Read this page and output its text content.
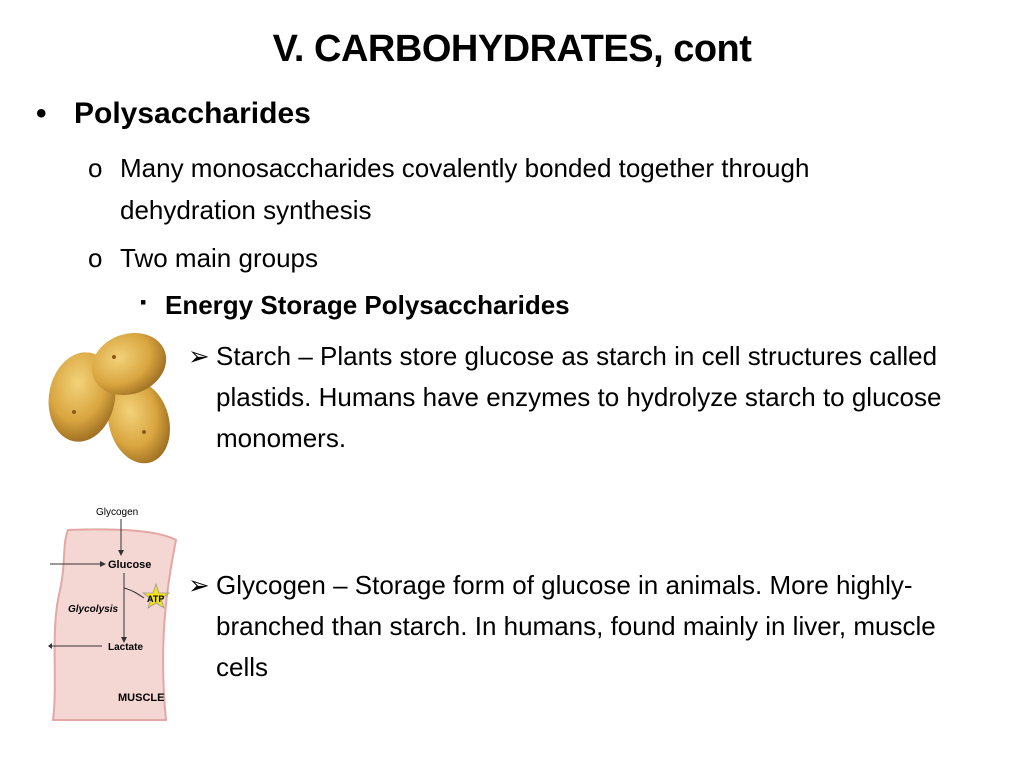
V. CARBOHYDRATES, cont
• Polysaccharides
o Many monosaccharides covalently bonded together through dehydration synthesis
o Two main groups
▪ Energy Storage Polysaccharides
➢ Starch – Plants store glucose as starch in cell structures called plastids. Humans have enzymes to hydrolyze starch to glucose monomers.
➢ Glycogen – Storage form of glucose in animals. More highly-branched than starch. In humans, found mainly in liver, muscle cells
Glycogen
Glucose
ATP
Glycolysis
Lactate
MUSCLE
